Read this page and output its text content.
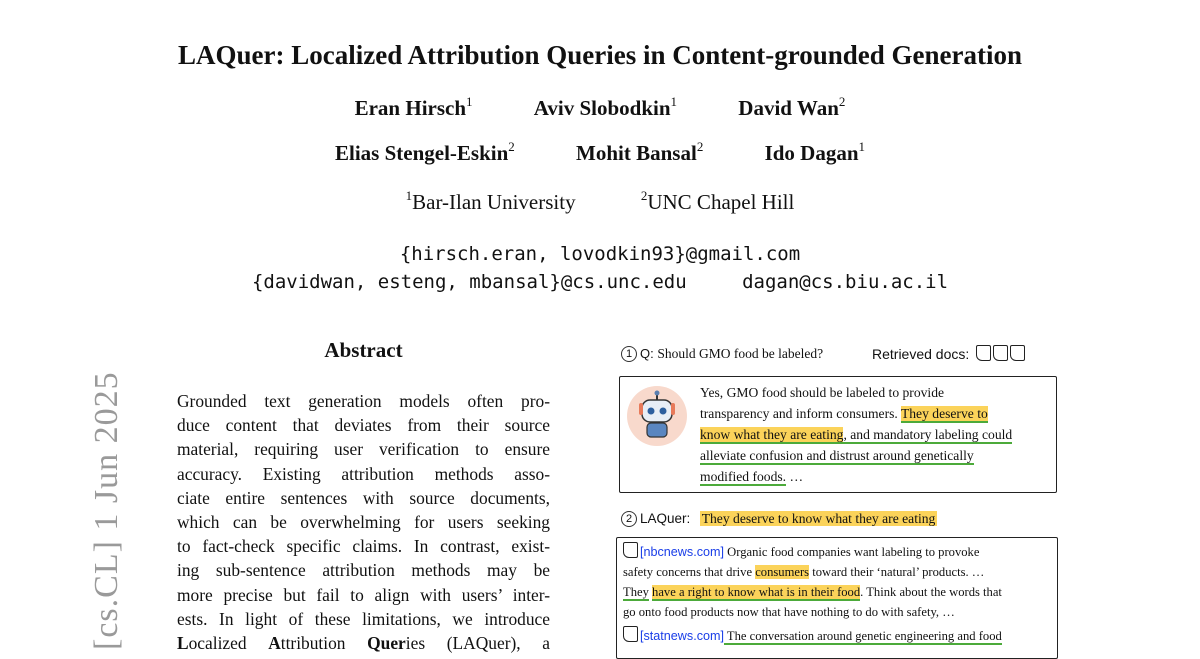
LAQuer: Localized Attribution Queries in Content-grounded Generation
Eran Hirsch$^1$	Aviv Slobodkin$^1$	David Wan$^2$
Elias Stengel-Eskin$^2$	Mohit Bansal$^2$	Ido Dagan$^1$
$^1$Bar-Ilan University	$^2$UNC Chapel Hill
{hirsch.eran, lovodkin93}@gmail.com
{davidwan, esteng, mbansal}@cs.unc.edu	dagan@cs.biu.ac.il
[cs.CL] 1 Jun 2025
Abstract
Grounded text generation models often pro-
duce content that deviates from their source
material, requiring user verification to ensure
accuracy. Existing attribution methods asso-
ciate entire sentences with source documents,
which can be overwhelming for users seeking
to fact-check specific claims. In contrast, exist-
ing sub-sentence attribution methods may be
more precise but fail to align with users’ inter-
ests. In light of these limitations, we introduce
Localized Attribution Queries (LAQuer), a
1 Q: Should GMO food be labeled?	Retrieved docs:
Yes, GMO food should be labeled to provide
transparency and inform consumers. They deserve to
know what they are eating, and mandatory labeling could
alleviate confusion and distrust around genetically
modified foods. …
2 LAQuer: They deserve to know what they are eating
[nbcnews.com] Organic food companies want labeling to provoke
safety concerns that drive consumers toward their ‘natural’ products. …
They have a right to know what is in their food. Think about the words that
go onto food products now that have nothing to do with safety, …
[statnews.com] The conversation around genetic engineering and food
